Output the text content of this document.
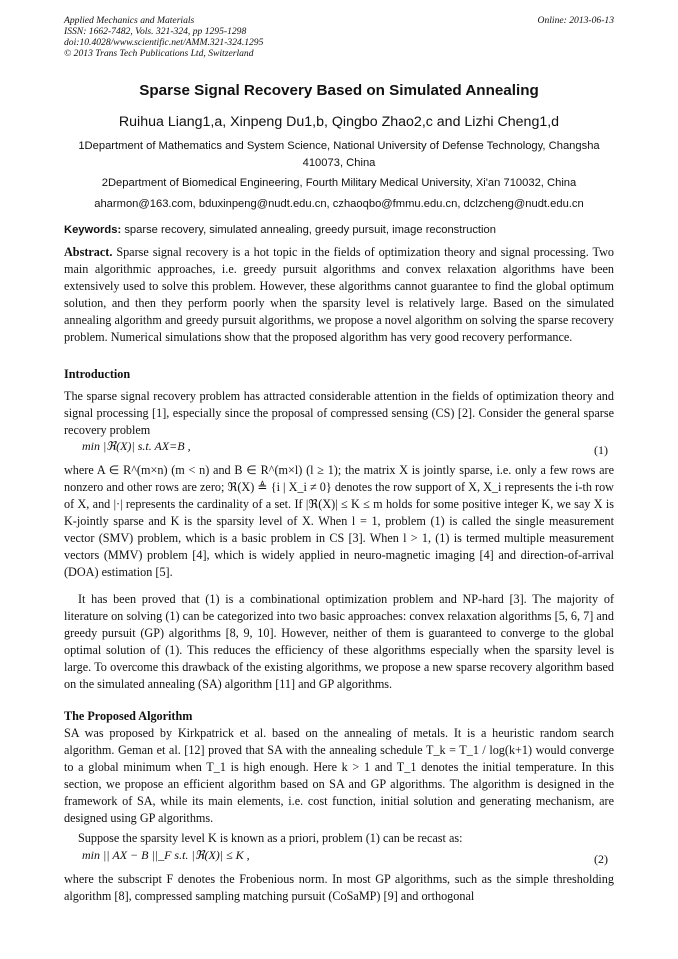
Applied Mechanics and Materials
ISSN: 1662-7482, Vols. 321-324, pp 1295-1298
doi:10.4028/www.scientific.net/AMM.321-324.1295
© 2013 Trans Tech Publications Ltd, Switzerland
Online: 2013-06-13
Sparse Signal Recovery Based on Simulated Annealing
Ruihua Liang1,a, Xinpeng Du1,b, Qingbo Zhao2,c and Lizhi Cheng1,d
1Department of Mathematics and System Science, National University of Defense Technology, Changsha 410073, China
2Department of Biomedical Engineering, Fourth Military Medical University, Xi'an 710032, China
aharmon@163.com, bduxinpeng@nudt.edu.cn, czhaoqbo@fmmu.edu.cn, dclzcheng@nudt.edu.cn
Keywords: sparse recovery, simulated annealing, greedy pursuit, image reconstruction

Abstract. Sparse signal recovery is a hot topic in the fields of optimization theory and signal processing. Two main algorithmic approaches, i.e. greedy pursuit algorithms and convex relaxation algorithms have been extensively used to solve this problem. However, these algorithms cannot guarantee to find the global optimum solution, and then they perform poorly when the sparsity level is relatively large. Based on the simulated annealing algorithm and greedy pursuit algorithms, we propose a novel algorithm on solving the sparse recovery problem. Numerical simulations show that the proposed algorithm has very good recovery performance.

Introduction
The sparse signal recovery problem has attracted considerable attention in the fields of optimization theory and signal processing [1], especially since the proposal of compressed sensing (CS) [2]. Consider the general sparse recovery problem
min |ℜ(X)| s.t. AX=B ,	(1)
where A ∈ R^(m×n) (m < n) and B ∈ R^(m×l) (l ≥ 1); the matrix X is jointly sparse, i.e. only a few rows are nonzero and other rows are zero; ℜ(X) ≜ {i | X_i ≠ 0} denotes the row support of X, X_i represents the i-th row of X, and |·| represents the cardinality of a set. If |ℜ(X)| ≤ K ≤ m holds for some positive integer K, we say X is K-jointly sparse and K is the sparsity level of X. When l = 1, problem (1) is called the single measurement vector (SMV) problem, which is a basic problem in CS [3]. When l > 1, (1) is termed multiple measurement vectors (MMV) problem [4], which is widely applied in neuro-magnetic imaging [4] and direction-of-arrival (DOA) estimation [5].
It has been proved that (1) is a combinational optimization problem and NP-hard [3]. The majority of literature on solving (1) can be categorized into two basic approaches: convex relaxation algorithms [5, 6, 7] and greedy pursuit (GP) algorithms [8, 9, 10]. However, neither of them is guaranteed to converge to the global optimal solution of (1). This reduces the efficiency of these algorithms especially when the sparsity level is large. To overcome this drawback of the existing algorithms, we propose a new sparse recovery algorithm based on the simulated annealing (SA) algorithm [11] and GP algorithms.
The Proposed Algorithm
SA was proposed by Kirkpatrick et al. based on the annealing of metals. It is a heuristic random search algorithm. Geman et al. [12] proved that SA with the annealing schedule T_k = T_1 / log(k+1) would converge to a global minimum when T_1 is high enough. Here k > 1 and T_1 denotes the initial temperature. In this section, we propose an efficient algorithm based on SA and GP algorithms. The algorithm is designed in the framework of SA, while its main elements, i.e. cost function, initial solution and generating mechanism, are designed using GP algorithms.
Suppose the sparsity level K is known as a priori, problem (1) can be recast as:
min || AX − B ||_F s.t. |ℜ(X)| ≤ K ,	(2)
where the subscript F denotes the Frobenious norm. In most GP algorithms, such as the simple thresholding algorithm [8], compressed sampling matching pursuit (CoSaMP) [9] and orthogonal
